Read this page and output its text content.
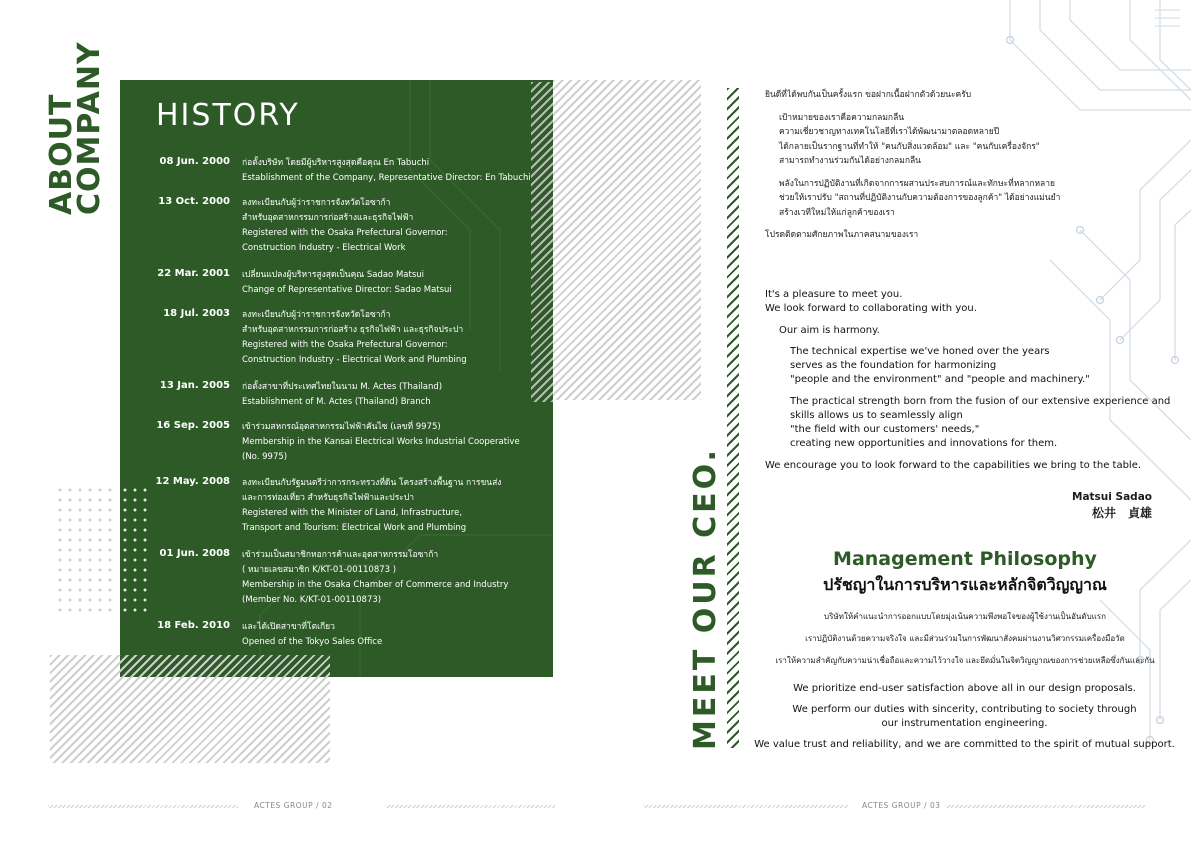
ABOUT
COMPANY HISTORY
08 Jun. 2000 ก่อตั้งบริษัท โดยมีผู้บริหารสูงสุดคือคุณ En Tabuchi
Establishment of the Company, Representative Director: En Tabuchi
13 Oct. 2000 ลงทะเบียนกับผู้ว่าราชการจังหวัดโอซาก้า
สำหรับอุตสาหกรรมการก่อสร้างและธุรกิจไฟฟ้า
Registered with the Osaka Prefectural Governor:
Construction Industry - Electrical Work
22 Mar. 2001 เปลี่ยนแปลงผู้บริหารสูงสุดเป็นคุณ Sadao Matsui
Change of Representative Director: Sadao Matsui
18 Jul. 2003 ลงทะเบียนกับผู้ว่าราชการจังหวัดโอซาก้า
สำหรับอุตสาหกรรมการก่อสร้าง ธุรกิจไฟฟ้า และธุรกิจประปา
Registered with the Osaka Prefectural Governor:
Construction Industry - Electrical Work and Plumbing
13 Jan. 2005 ก่อตั้งสาขาที่ประเทศไทยในนาม M. Actes (Thailand)
Establishment of M. Actes (Thailand) Branch
16 Sep. 2005 เข้าร่วมสหกรณ์อุตสาหกรรมไฟฟ้าคันไซ (เลขที่ 9975)
Membership in the Kansai Electrical Works Industrial Cooperative
(No. 9975)
12 May. 2008 ลงทะเบียนกับรัฐมนตรีว่าการกระทรวงที่ดิน โครงสร้างพื้นฐาน การขนส่ง
และการท่องเที่ยว สำหรับธุรกิจไฟฟ้าและประปา
Registered with the Minister of Land, Infrastructure,
Transport and Tourism: Electrical Work and Plumbing
01 Jun. 2008 เข้าร่วมเป็นสมาชิกหอการค้าและอุตสาหกรรมโอซาก้า
( หมายเลขสมาชิก K/KT-01-00110873 )
Membership in the Osaka Chamber of Commerce and Industry
(Member No. K/KT-01-00110873)
18 Feb. 2010 และได้เปิดสาขาที่โตเกียว
Opened of the Tokyo Sales Office
ACTES GROUP / 02
MEET OUR CEO.
ยินดีที่ได้พบกันเป็นครั้งแรก ขอฝากเนื้อฝากตัวด้วยนะครับ
เป้าหมายของเราคือความกลมกลืน
ความเชี่ยวชาญทางเทคโนโลยีที่เราได้พัฒนามาตลอดหลายปี
ได้กลายเป็นรากฐานที่ทำให้ "คนกับสิ่งแวดล้อม" และ "คนกับเครื่องจักร"
สามารถทำงานร่วมกันได้อย่างกลมกลืน
พลังในการปฏิบัติงานที่เกิดจากการผสานประสบการณ์และทักษะที่หลากหลาย
ช่วยให้เราปรับ "สถานที่ปฏิบัติงานกับความต้องการของลูกค้า" ได้อย่างแม่นยำ
สร้างเวทีใหม่ให้แก่ลูกค้าของเรา
โปรดติดตามศักยภาพในภาคสนามของเรา
It's a pleasure to meet you.
We look forward to collaborating with you.
Our aim is harmony.
The technical expertise we've honed over the years
serves as the foundation for harmonizing
"people and the environment" and "people and machinery."
The practical strength born from the fusion of our extensive experience and
skills allows us to seamlessly align
"the field with our customers' needs,"
creating new opportunities and innovations for them.
We encourage you to look forward to the capabilities we bring to the table.
Matsui Sadao
松井　貞雄
Management Philosophy
ปรัชญาในการบริหารและหลักจิตวิญญาณ
บริษัทให้คำแนะนำการออกแบบโดยมุ่งเน้นความพึงพอใจของผู้ใช้งานเป็นอันดับแรก
เราปฏิบัติงานด้วยความจริงใจ และมีส่วนร่วมในการพัฒนาสังคมผ่านงานวิศวกรรมเครื่องมือวัด
เราให้ความสำคัญกับความน่าเชื่อถือและความไว้วางใจ และยึดมั่นในจิตวิญญาณของการช่วยเหลือซึ่งกันและกัน
We prioritize end-user satisfaction above all in our design proposals.
We perform our duties with sincerity, contributing to society through our instrumentation engineering.
We value trust and reliability, and we are committed to the spirit of mutual support.
ACTES GROUP / 03
